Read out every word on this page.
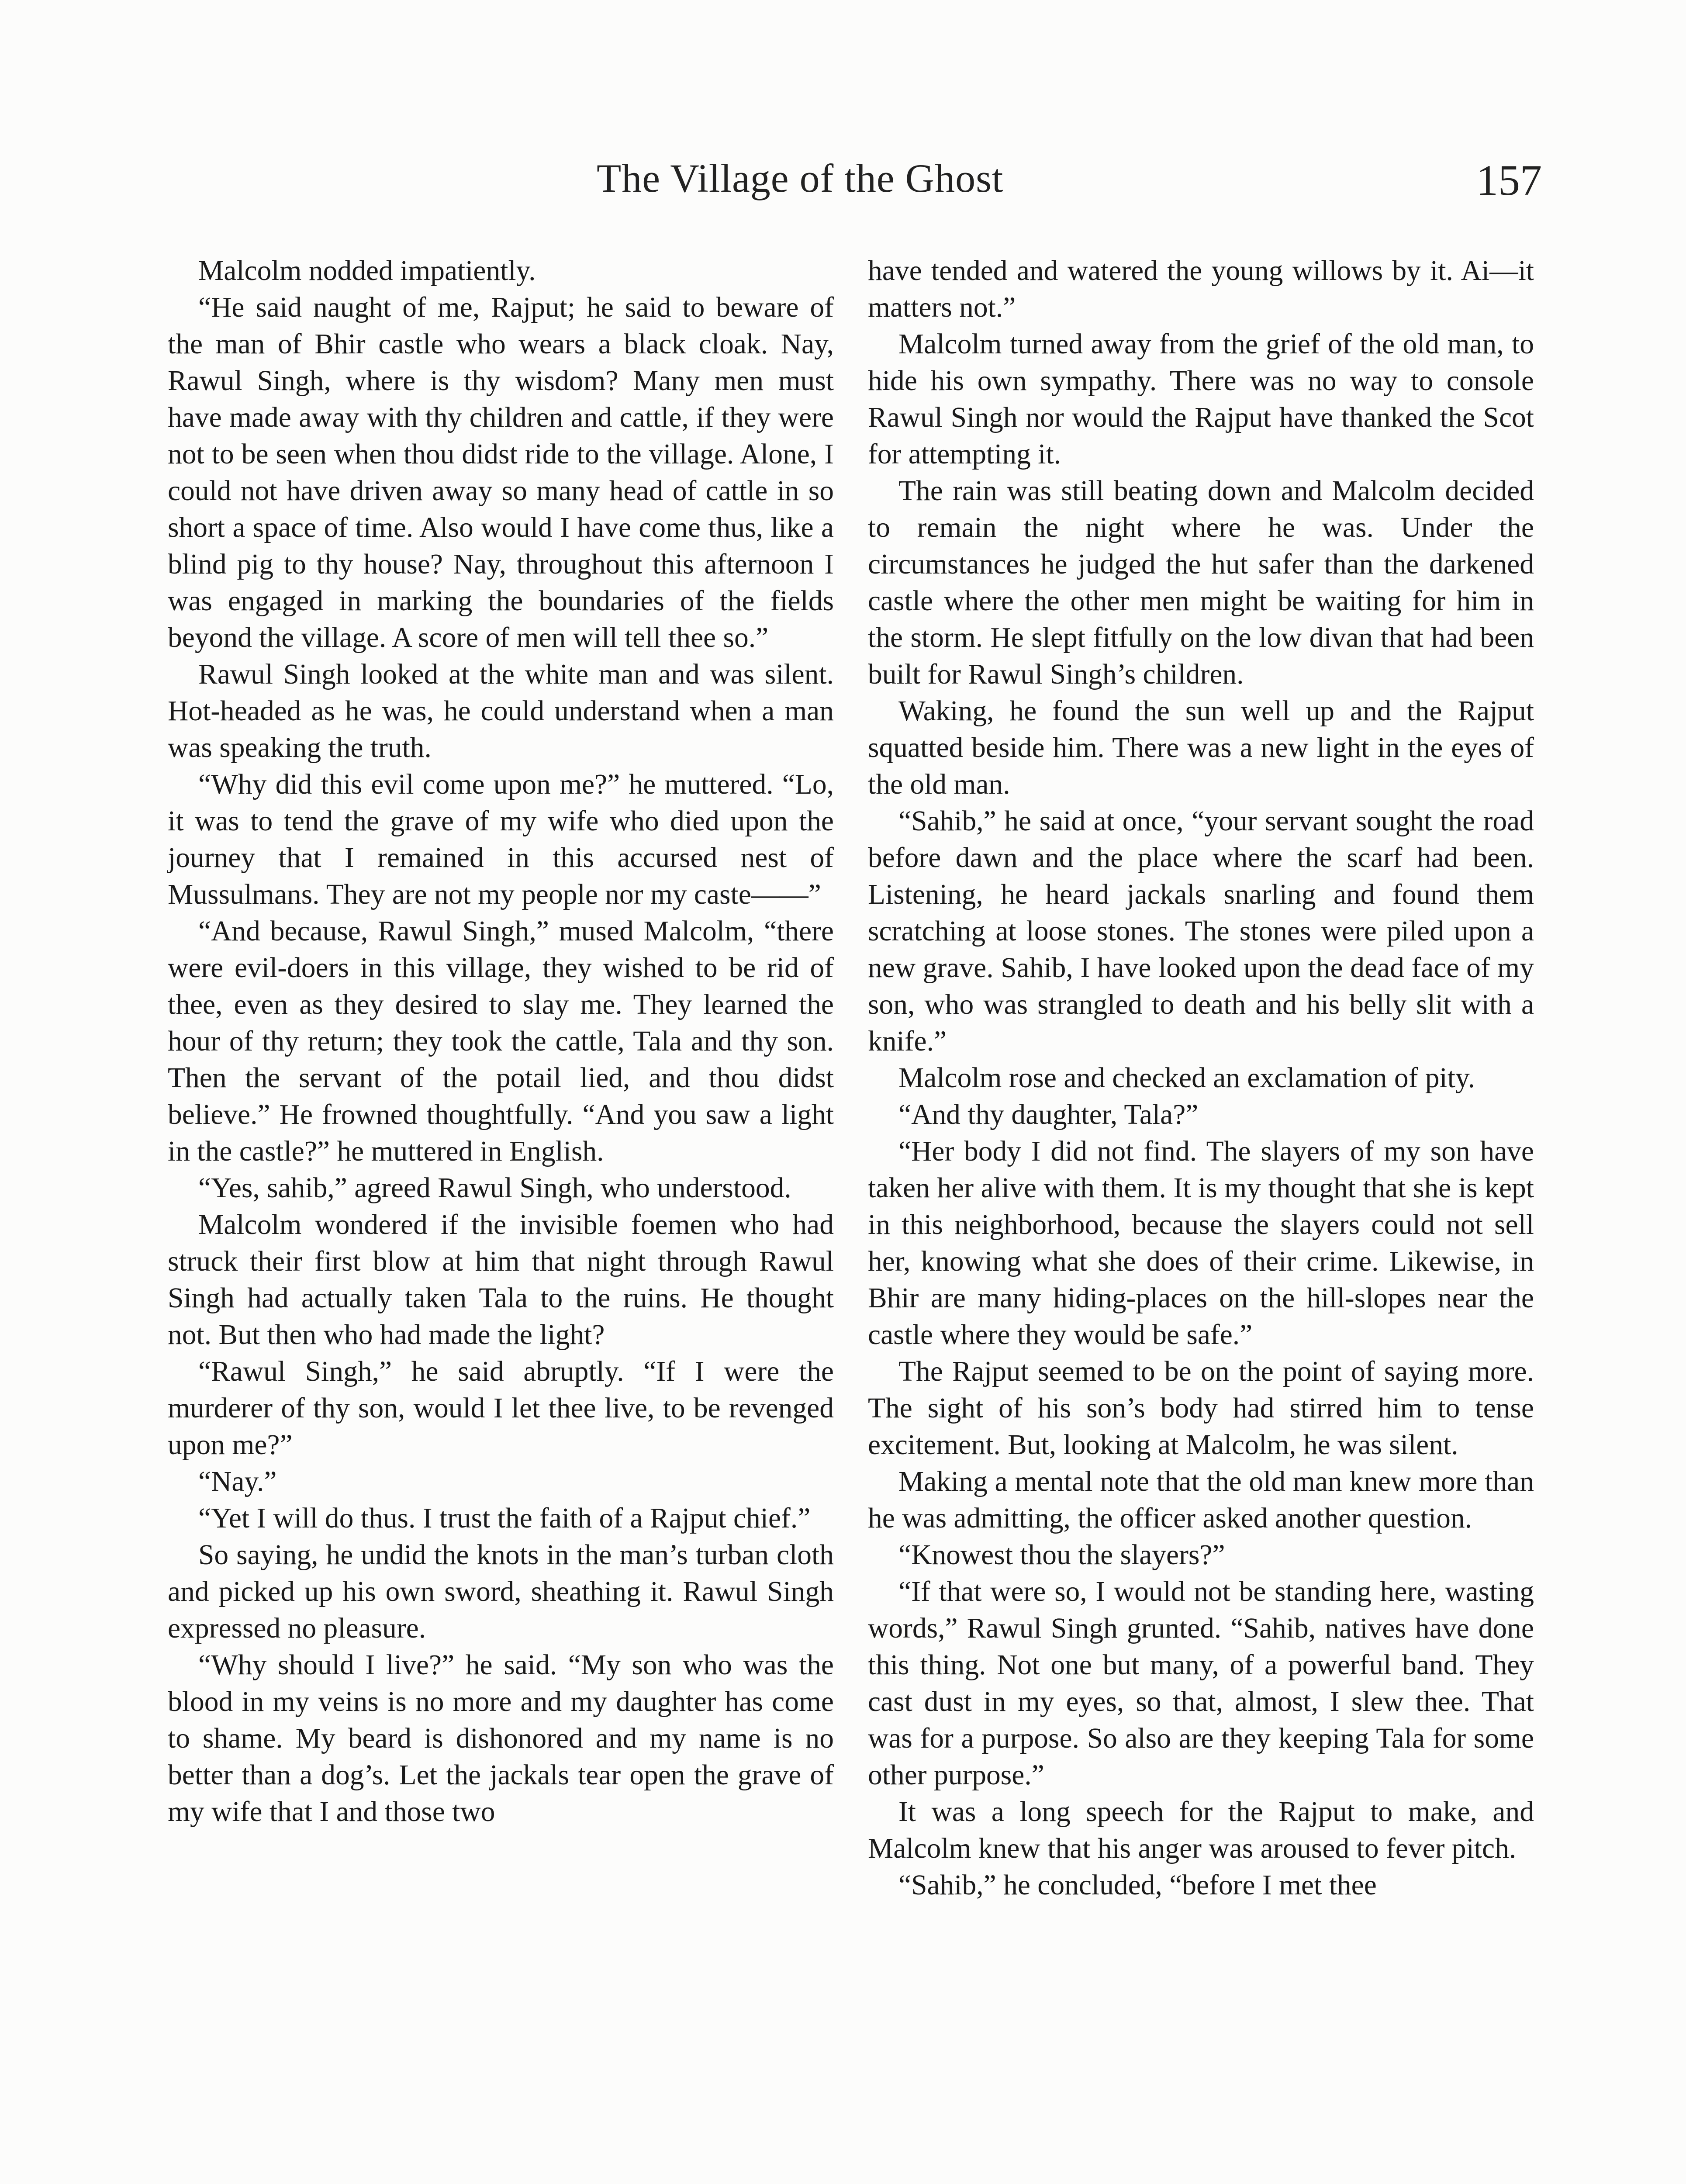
The Village of the Ghost	157

Malcolm nodded impatiently.

“He said naught of me, Rajput; he said to beware of the man of Bhir castle who wears a black cloak. Nay, Rawul Singh, where is thy wisdom? Many men must have made away with thy children and cattle, if they were not to be seen when thou didst ride to the village. Alone, I could not have driven away so many head of cattle in so short a space of time. Also would I have come thus, like a blind pig to thy house? Nay, throughout this afternoon I was engaged in marking the boundaries of the fields beyond the village. A score of men will tell thee so.”

Rawul Singh looked at the white man and was silent. Hot-headed as he was, he could understand when a man was speaking the truth.

“Why did this evil come upon me?” he muttered. “Lo, it was to tend the grave of my wife who died upon the journey that I remained in this accursed nest of Mussulmans. They are not my people nor my caste——”

“And because, Rawul Singh,” mused Malcolm, “there were evil-doers in this village, they wished to be rid of thee, even as they desired to slay me. They learned the hour of thy return; they took the cattle, Tala and thy son. Then the servant of the potail lied, and thou didst believe.” He frowned thoughtfully. “And you saw a light in the castle?” he muttered in English.

“Yes, sahib,” agreed Rawul Singh, who understood.

Malcolm wondered if the invisible foemen who had struck their first blow at him that night through Rawul Singh had actually taken Tala to the ruins. He thought not. But then who had made the light?

“Rawul Singh,” he said abruptly. “If I were the murderer of thy son, would I let thee live, to be revenged upon me?”

“Nay.”

“Yet I will do thus. I trust the faith of a Rajput chief.”

So saying, he undid the knots in the man’s turban cloth and picked up his own sword, sheathing it. Rawul Singh expressed no pleasure.

“Why should I live?” he said. “My son who was the blood in my veins is no more and my daughter has come to shame. My beard is dishonored and my name is no better than a dog’s. Let the jackals tear open the grave of my wife that I and those two

have tended and watered the young willows by it. Ai—it matters not.”

Malcolm turned away from the grief of the old man, to hide his own sympathy. There was no way to console Rawul Singh nor would the Rajput have thanked the Scot for attempting it.

The rain was still beating down and Malcolm decided to remain the night where he was. Under the circumstances he judged the hut safer than the darkened castle where the other men might be waiting for him in the storm. He slept fitfully on the low divan that had been built for Rawul Singh’s children.

Waking, he found the sun well up and the Rajput squatted beside him. There was a new light in the eyes of the old man.

“Sahib,” he said at once, “your servant sought the road before dawn and the place where the scarf had been. Listening, he heard jackals snarling and found them scratching at loose stones. The stones were piled upon a new grave. Sahib, I have looked upon the dead face of my son, who was strangled to death and his belly slit with a knife.”

Malcolm rose and checked an exclamation of pity.

“And thy daughter, Tala?”

“Her body I did not find. The slayers of my son have taken her alive with them. It is my thought that she is kept in this neighborhood, because the slayers could not sell her, knowing what she does of their crime. Likewise, in Bhir are many hiding-places on the hill-slopes near the castle where they would be safe.”

The Rajput seemed to be on the point of saying more. The sight of his son’s body had stirred him to tense excitement. But, looking at Malcolm, he was silent.

Making a mental note that the old man knew more than he was admitting, the officer asked another question.

“Knowest thou the slayers?”

“If that were so, I would not be standing here, wasting words,” Rawul Singh grunted. “Sahib, natives have done this thing. Not one but many, of a powerful band. They cast dust in my eyes, so that, almost, I slew thee. That was for a purpose. So also are they keeping Tala for some other purpose.”

It was a long speech for the Rajput to make, and Malcolm knew that his anger was aroused to fever pitch.

“Sahib,” he concluded, “before I met thee
